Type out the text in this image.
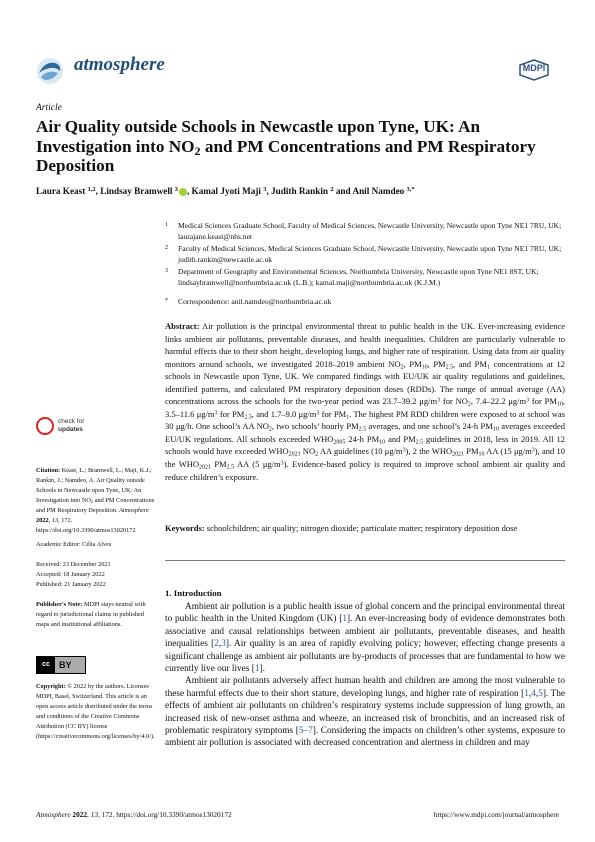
atmosphere	MDPI
Article
Air Quality outside Schools in Newcastle upon Tyne, UK: An Investigation into $NO_2$ and PM Concentrations and PM Respiratory Deposition
Laura Keast $^{1,2}$, Lindsay Bramwell $^3$ , Kamal Jyoti Maji $^3$, Judith Rankin $^2$ and Anil Namdeo $^{3,*}$
1 Medical Sciences Graduate School, Faculty of Medical Sciences, Newcastle University, Newcastle upon Tyne NE1 7RU, UK; laurajane.keast@nhs.net
2 Faculty of Medical Sciences, Medical Sciences Graduate School, Newcastle University, Newcastle upon Tyne NE1 7RU, UK; judith.rankin@newcastle.ac.uk
3 Department of Geography and Environmental Sciences, Northumbria University, Newcastle upon Tyne NE1 8ST, UK; lindsaybramwell@northumbria.ac.uk (L.B.); kamal.maji@northumbria.ac.uk (K.J.M.)
* Correspondence: anil.namdeo@northumbria.ac.uk
Abstract: Air pollution is the principal environmental threat to public health in the UK. Ever-increasing evidence links ambient air pollutants, preventable diseases, and health inequalities. Children are particularly vulnerable to harmful effects due to their short height, developing lungs, and higher rate of respiration. Using data from air quality monitors around schools, we investigated 2018–2019 ambient $NO_2$, $PM_{10}$, $PM_{2.5}$, and $PM_1$ concentrations at 12 schools in Newcastle upon Tyne, UK. We compared findings with EU/UK air quality regulations and guidelines, identified patterns, and calculated PM respiratory deposition doses (RDDs). The range of annual average (AA) concentrations across the schools for the two-year period was 23.7–39.2 $\mu g/m^3$ for $NO_2$, 7.4–22.2 $\mu g/m^3$ for $PM_{10}$, 3.5–11.6 $\mu g/m^3$ for $PM_{2.5}$, and 1.7–9.0 $\mu g/m^3$ for $PM_1$. The highest PM RDD children were exposed to at school was 30 μg/h. One school’s AA $NO_2$, two schools’ hourly $PM_{2.5}$ averages, and one school’s 24-h $PM_{10}$ averages exceeded EU/UK regulations. All schools exceeded $WHO_{2005}$ 24-h $PM_{10}$ and $PM_{2.5}$ guidelines in 2018, less in 2019. All 12 schools would have exceeded $WHO_{2021}$ $NO_2$ AA guidelines (10 $\mu g/m^3$), 2 the $WHO_{2021}$ $PM_{10}$ AA (15 $\mu g/m^3$), and 10 the $WHO_{2021}$ $PM_{2.5}$ AA (5 $\mu g/m^3$). Evidence-based policy is required to improve school ambient air quality and reduce children’s exposure.
Keywords: schoolchildren; air quality; nitrogen dioxide; particulate matter; respiratory deposition dose
check for
updates
Citation: Keast, L.; Bramwell, L.; Maji, K.J.; Rankin, J.; Namdeo, A. Air Quality outside Schools in Newcastle upon Tyne, UK: An Investigation into $NO_2$ and PM Concentrations and PM Respiratory Deposition. Atmosphere 2022, 13, 172. https://doi.org/10.3390/atmos13020172
Academic Editor: Célia Alves
Received: 23 December 2021
Accepted: 18 January 2022
Published: 21 January 2022
Publisher's Note: MDPI stays neutral with regard to jurisdictional claims in published maps and institutional affiliations.
cc	BY
Copyright: © 2022 by the authors. Licensee MDPI, Basel, Switzerland. This article is an open access article distributed under the terms and conditions of the Creative Commons Attribution (CC BY) license (https://creativecommons.org/licenses/by/4.0/).
1. Introduction

Ambient air pollution is a public health issue of global concern and the principal environmental threat to public health in the United Kingdom (UK) [1]. An ever-increasing body of evidence demonstrates both associative and causal relationships between ambient air pollutants, preventable diseases, and health inequalities [2,3]. Air quality is an area of rapidly evolving policy; however, effecting change presents a significant challenge as ambient air pollutants are by-products of processes that are fundamental to how we currently live our lives [1].

Ambient air pollutants adversely affect human health and children are among the most vulnerable to these harmful effects due to their short stature, developing lungs, and higher rate of respiration [1,4,5]. The effects of ambient air pollutants on children’s respiratory systems include suppression of lung growth, an increased risk of new-onset asthma and wheeze, an increased risk of bronchitis, and an increased risk of problematic respiratory symptoms [5–7]. Considering the impacts on children’s other systems, exposure to ambient air pollution is associated with decreased concentration and alertness in children and may

Atmosphere 2022, 13, 172. https://doi.org/10.3390/atmos13020172	https://www.mdpi.com/journal/atmosphere
